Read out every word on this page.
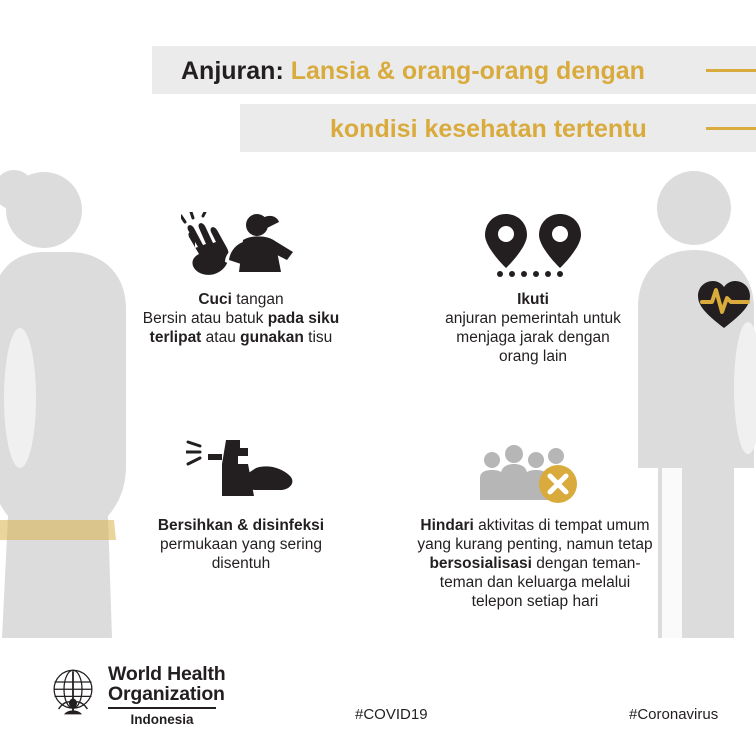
Anjuran: Lansia & orang-orang dengan
kondisi kesehatan tertentu
Cuci tangan
Bersin atau batuk pada siku
terlipat atau gunakan tisu
Ikuti
anjuran pemerintah untuk
menjaga jarak dengan
orang lain
Bersihkan & disinfeksi
permukaan yang sering
disentuh
Hindari aktivitas di tempat umum
yang kurang penting, namun tetap
bersosialisasi dengan teman-
teman dan keluarga melalui
telepon setiap hari
World Health
Organization
Indonesia	#COVID19	#Coronavirus
